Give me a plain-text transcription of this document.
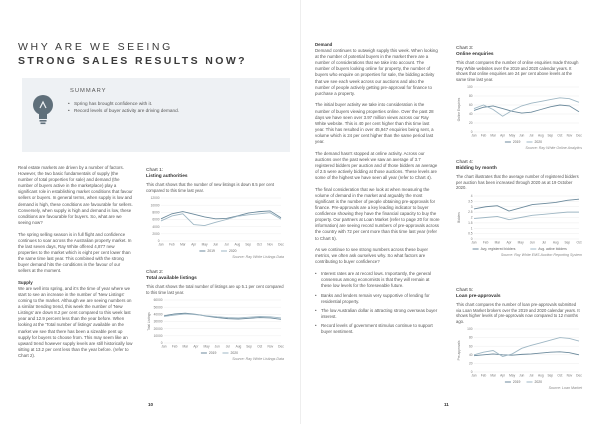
WHY ARE WE SEEING
STRONG SALES RESULTS NOW?
SUMMARY
• Spring has brought confidence with it.
• Record levels of buyer activity are driving demand.

Real estate markets are driven by a number of factors. However, the two basic fundamentals of supply (the number of total properties for sale) and demand (the number of buyers active in the marketplace) play a significant role in establishing market conditions that favour sellers or buyers. In general terms, when supply is low and demand is high, these conditions are favourable for sellers. Conversely, when supply is high and demand is low, these conditions are favourable for buyers. So, what are we seeing now?

The spring selling season is in full flight and confidence continues to soar across the Australian property market. In the last seven days, Ray White offered 4,877 new properties to the market which is eight per cent lower than the same time last year. This combined with the strong buyer demand hits the conditions in the favour of our sellers at the moment.

Supply

We are well into spring, and it's the time of year where we start to see an increase in the number of 'New Listings' coming to the market. Although we are seeing numbers on a similar trending trend, this week the number of 'New Listings' are down 8.2 per cent compared to this week last year and 12.9 percent less than the year before. When looking at the 'Total number of listings' available on the market we see that there has been a sizeable pent up supply for buyers to choose from. This may seem like an upward trend however supply levels are still historically low sitting at 13.2 per cent less than the year before. (refer to Chart 2).

Chart 1:
Listing authorities
This chart shows that the number of new listings is down 8.5 per cent compared to this time last year.
12000
10000
8000
6000
4000
2000
0
Jan Feb Mar Apr May Jun Jul Aug Sep Oct Nov Dec
2019	2020
Source: Ray White Listings Data
Chart 2:
Total available listings
This chart shows the total number of listings are up 5.1 per cent compared to this time last year.
60000
50000
40000
30000
20000
10000
0
Total Listings
Jan Feb Mar Apr May Jun Jul Aug Sep Oct Nov Dec
2019	2020
Source: Ray White Listings Data
10

Demand

Demand continues to outweigh supply this week. When looking at the number of potential buyers in the market there are a number of considerations that we take into account. The number of buyers looking online for property, the number of buyers who enquire on properties for sale, the bidding activity that we see each week across our auctions and also the number of people actively getting pre-approval for finance to purchase a property.

The initial buyer activity we take into consideration is the number of buyers viewing properties online. Over the past 28 days we have seen over 3.97 million views across our Ray White website. This is 40 per cent higher than this time last year. This has resulted in over 45,947 enquiries being sent, a volume which is 24 per cent higher than the same period last year.

The demand hasn't stopped at online activity. Across our auctions over the past week we saw an average of 3.7 registered bidders per auction and of those bidders an average of 2.5 were actively bidding at those auctions. These levels are some of the highest we have seen all year (refer to Chart 4).

The final consideration that we look at when measuring the volume of demand in the market and arguably the most significant is the number of people obtaining pre-approvals for finance. Pre-approvals are a key leading indicator to buyer confidence showing they have the financial capacity to buy the property. Our partners at Loan Market (refer to page 20 for more information) are seeing record numbers of pre-approvals across the country with 72 per cent more than this time last year (refer to Chart 5).

As we continue to see strong numbers across these buyer metrics, we often ask ourselves why. So what factors are contributing to buyer confidence?

• Interest rates are at record lows. Importantly, the general consensus among economists is that they will remain at these low levels for the foreseeable future.
• Banks and lenders remain very supportive of lending for residential property.
• The low Australian dollar is attracting strong overseas buyer interest.
• Record levels of government stimulus continue to support buyer sentiment.
Chart 3:
Online enquiries
This chart compares the number of online enquiries made through Ray White websites over the 2019 and 2020 calendar years. It shows that online enquiries are 24 per cent above levels at the same time last year.
100
80
60
40
20
0
Online Enquiries
Jan Feb Mar Apr May Jun Jul Aug Sep Oct Nov Dec
2019	2020
Source: Ray White Online Analytics
Chart 4:
Bidding by month
The chart illustrates that the average number of registered bidders per auction has been increased through 2020 as at 19 October 2020.
4
3.5
3
2.5
2
1.5
1
0.5
0
Bidders
Jan Feb Mar Apr May Jun Jul Aug Sep Oct
Avg. registered bidders	Avg. active bidders
Source: Ray White EMS Auction Reporting System
Chart 5:
Loan pre-approvals
This chart compares the number of loan pre-approvals submitted via Loan Market brokers over the 2019 and 2020 calendar years. It shows higher levels of pre-approvals now compared to 12 months ago.
100
80
60
40
20
0
Pre-approvals
Jan Feb Mar Apr May Jun Jul Aug Sep Oct Nov Dec
2019	2020
Source: Loan Market
11
